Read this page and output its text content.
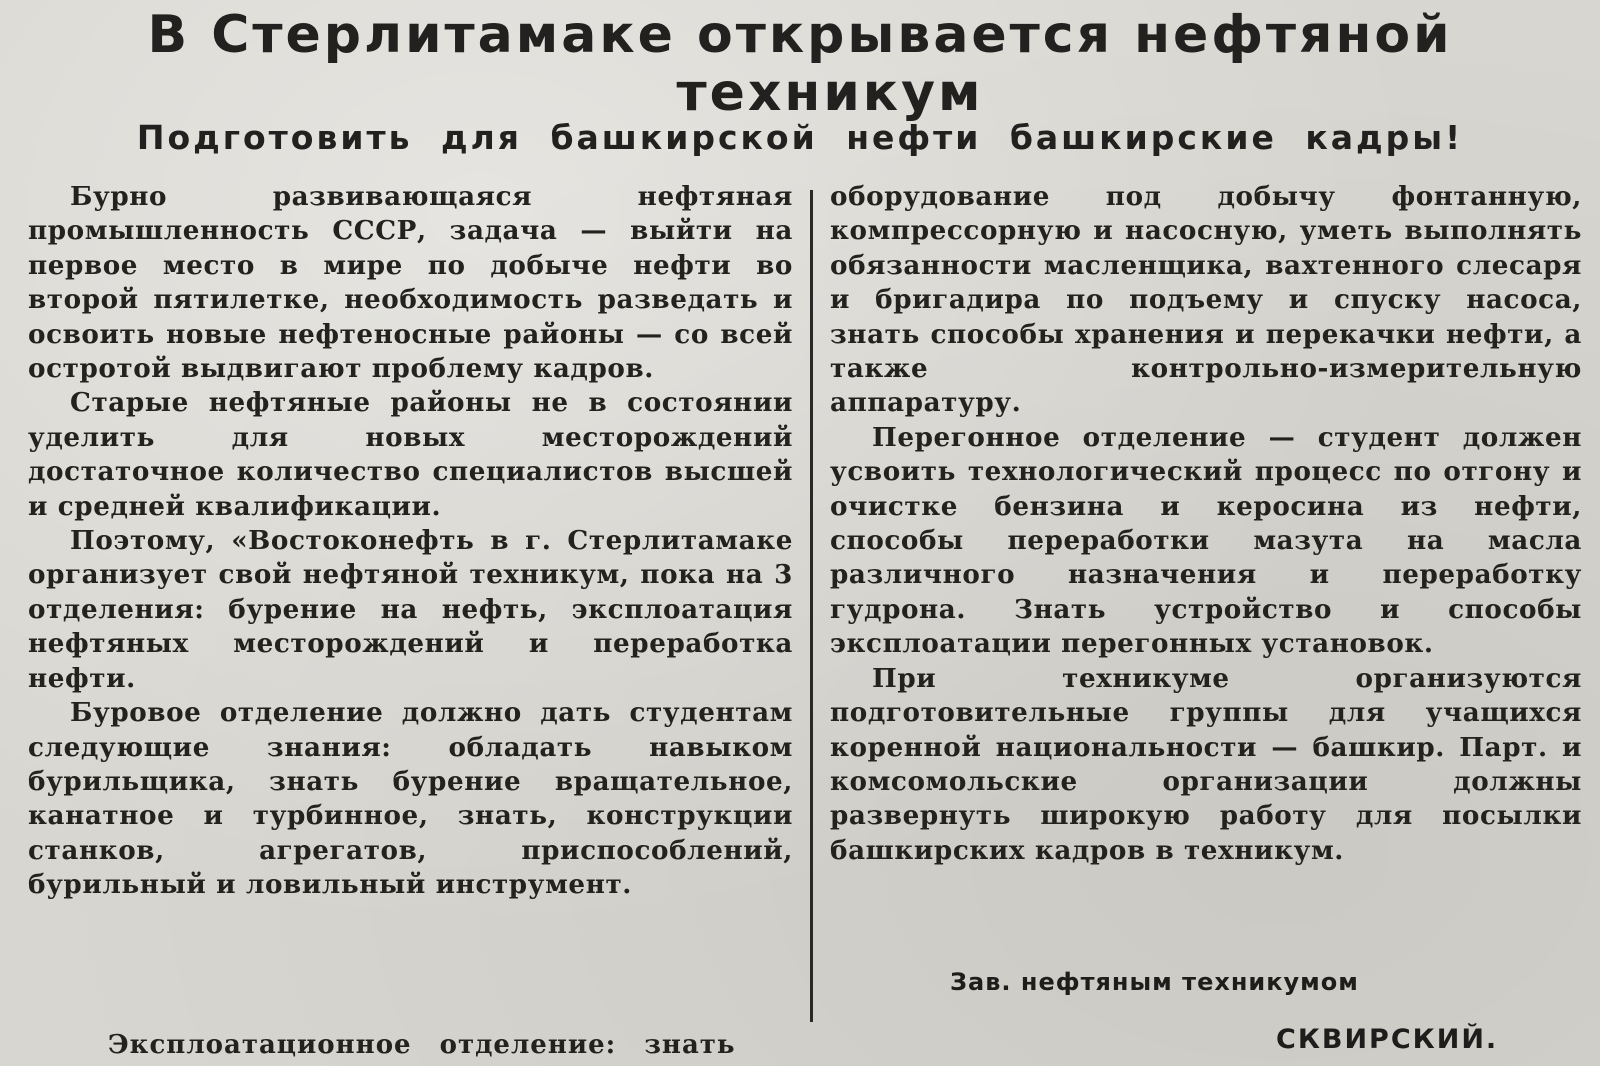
В Стерлитамаке открывается нефтяной
техникум
Подготовить для башкирской нефти башкирские кадры!

Бурно развивающаяся нефтяная промышленность СССР, задача — выйти на первое место в мире по добыче нефти во второй пятилетке, необходимость разведать и освоить новые нефтеносные районы — со всей остротой выдвигают проблему кадров.

Старые нефтяные районы не в состоянии уделить для новых месторождений достаточное количество специалистов высшей и средней квалификации.

Поэтому, «Востоконефть в г. Стерлитамаке организует свой нефтяной техникум, пока на 3 отделения: бурение на нефть, эксплоатация нефтяных месторождений и переработка нефти.

Буровое отделение должно дать студентам следующие знания: обладать навыком бурильщика, знать бурение вращательное, канатное и турбинное, знать, конструкции станков, агрегатов, приспособлений, бурильный и ловильный инструмент.

Эксплоатационное отделение: знать

оборудование под добычу фонтанную, компрессорную и насосную, уметь выполнять обязанности масленщика, вахтенного слесаря и бригадира по подъему и спуску насоса, знать способы хранения и перекачки нефти, а также контрольно-измерительную аппаратуру.

Перегонное отделение — студент должен усвоить технологический процесс по отгону и очистке бензина и керосина из нефти, способы переработки мазута на масла различного назначения и переработку гудрона. Знать устройство и способы эксплоатации перегонных установок.

При техникуме организуются подготовительные группы для учащихся коренной национальности — башкир. Парт. и комсомольские организации должны развернуть широкую работу для посылки башкирских кадров в техникум.

Зав. нефтяным техникумом
СКВИРСКИЙ.
